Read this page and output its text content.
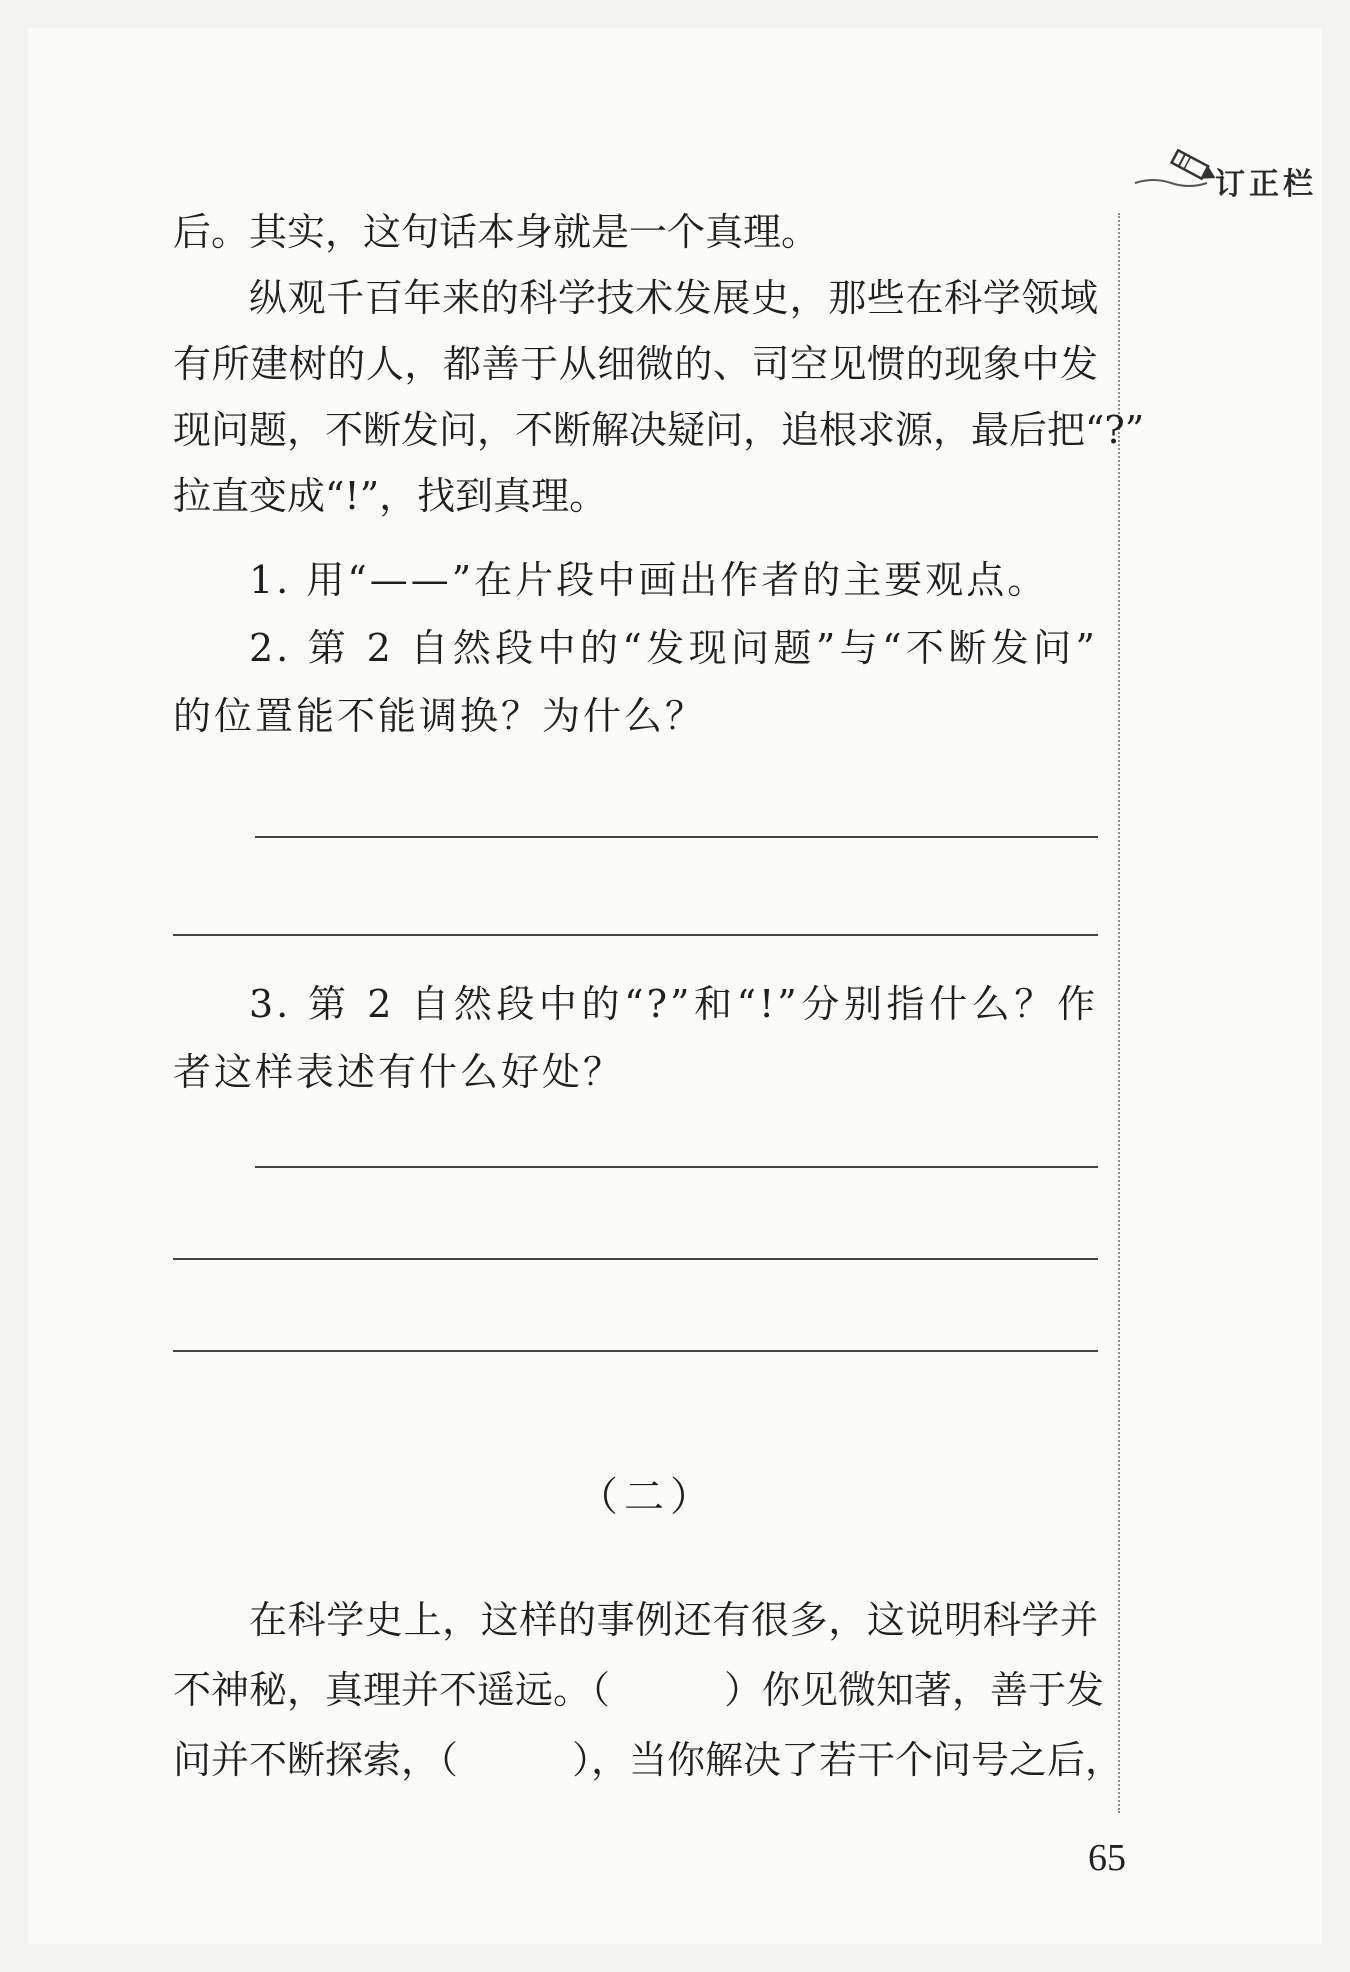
订正栏
后。其实，这句话本身就是一个真理。
纵观千百年来的科学技术发展史，那些在科学领域
有所建树的人，都善于从细微的、司空见惯的现象中发
现问题，不断发问，不断解决疑问，追根求源，最后把“?”
拉直变成“!”，找到真理。
1. 用“——”在片段中画出作者的主要观点。
2. 第 2 自然段中的“发现问题”与“不断发问”
的位置能不能调换？为什么？
3. 第 2 自然段中的“?”和“!”分别指什么？作
者这样表述有什么好处？
（二）
在科学史上，这样的事例还有很多，这说明科学并
不神秘，真理并不遥远。（　　　）你见微知著，善于发
问并不断探索，（　　　），当你解决了若干个问号之后，
65
